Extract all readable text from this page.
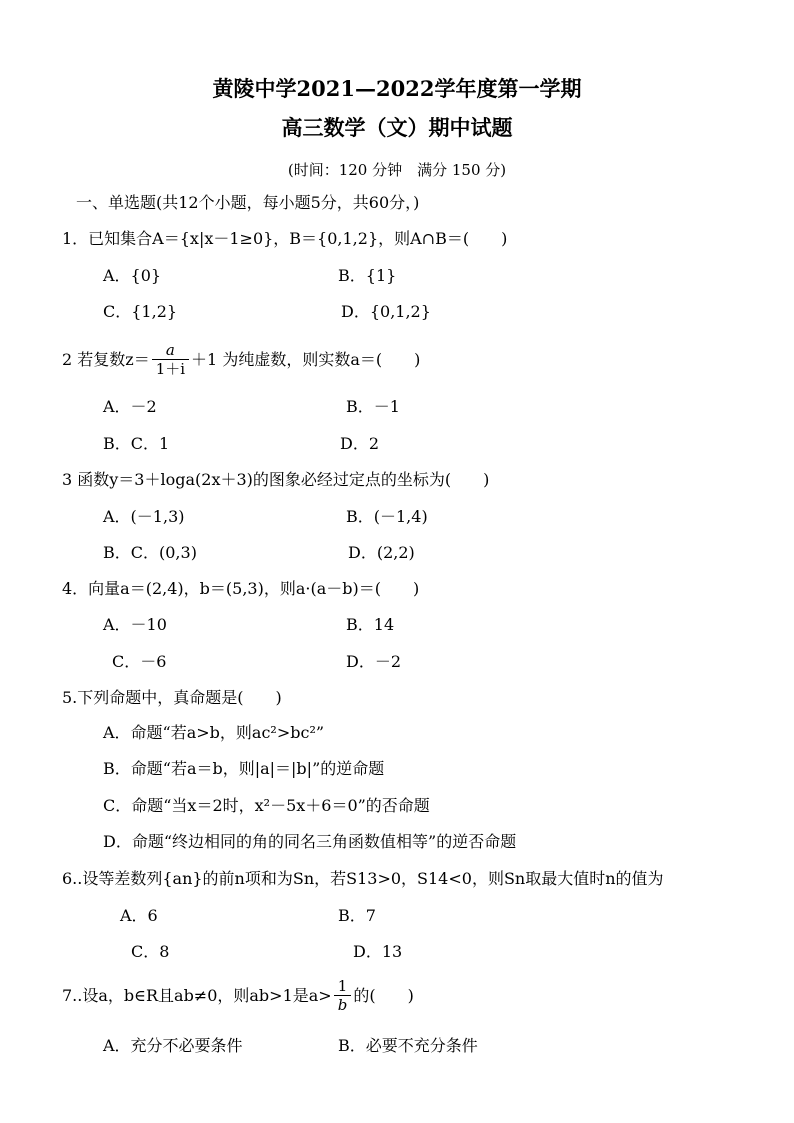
黄陵中学2021—2022学年度第一学期
高三数学（文）期中试题
(时间：120 分钟　满分 150 分)
一、单选题(共12个小题，每小题5分，共60分，)
1．已知集合A＝{x|x－1≥0}，B＝{0,1,2}，则A∩B＝(　　)
A．{0}	B．{1}
C．{1,2}	D．{0,1,2}
2 若复数$z= \frac{a}{1+i} +1$ 为纯虚数，则实数a＝(　　)
A．－2	B．－1
B．C．1	D．2
3 函数y＝3＋loga(2x＋3)的图象必经过定点的坐标为(　　)
A．(－1,3)	B．(－1,4)
B．C．(0,3)	D．(2,2)
4．向量a＝(2,4)，b＝(5,3)，则a·(a－b)＝(　　)
A．－10	B．14
C．－6	D．－2
5.下列命题中，真命题是(　　)
A．命题“若a>b，则ac²>bc²”
B．命题“若a＝b，则|a|＝|b|”的逆命题
C．命题“当x＝2时，x²－5x＋6＝0”的否命题
D．命题“终边相同的角的同名三角函数值相等”的逆否命题
6..设等差数列{an}的前n项和为Sn，若S13>0，S14<0，则Sn取最大值时n的值为
A．6	B．7
C．8	D．13
7..设a，b∈R且ab≠0，则ab>1是$a> \frac{1}{b}$ 的(　　)
A．充分不必要条件	B．必要不充分条件
